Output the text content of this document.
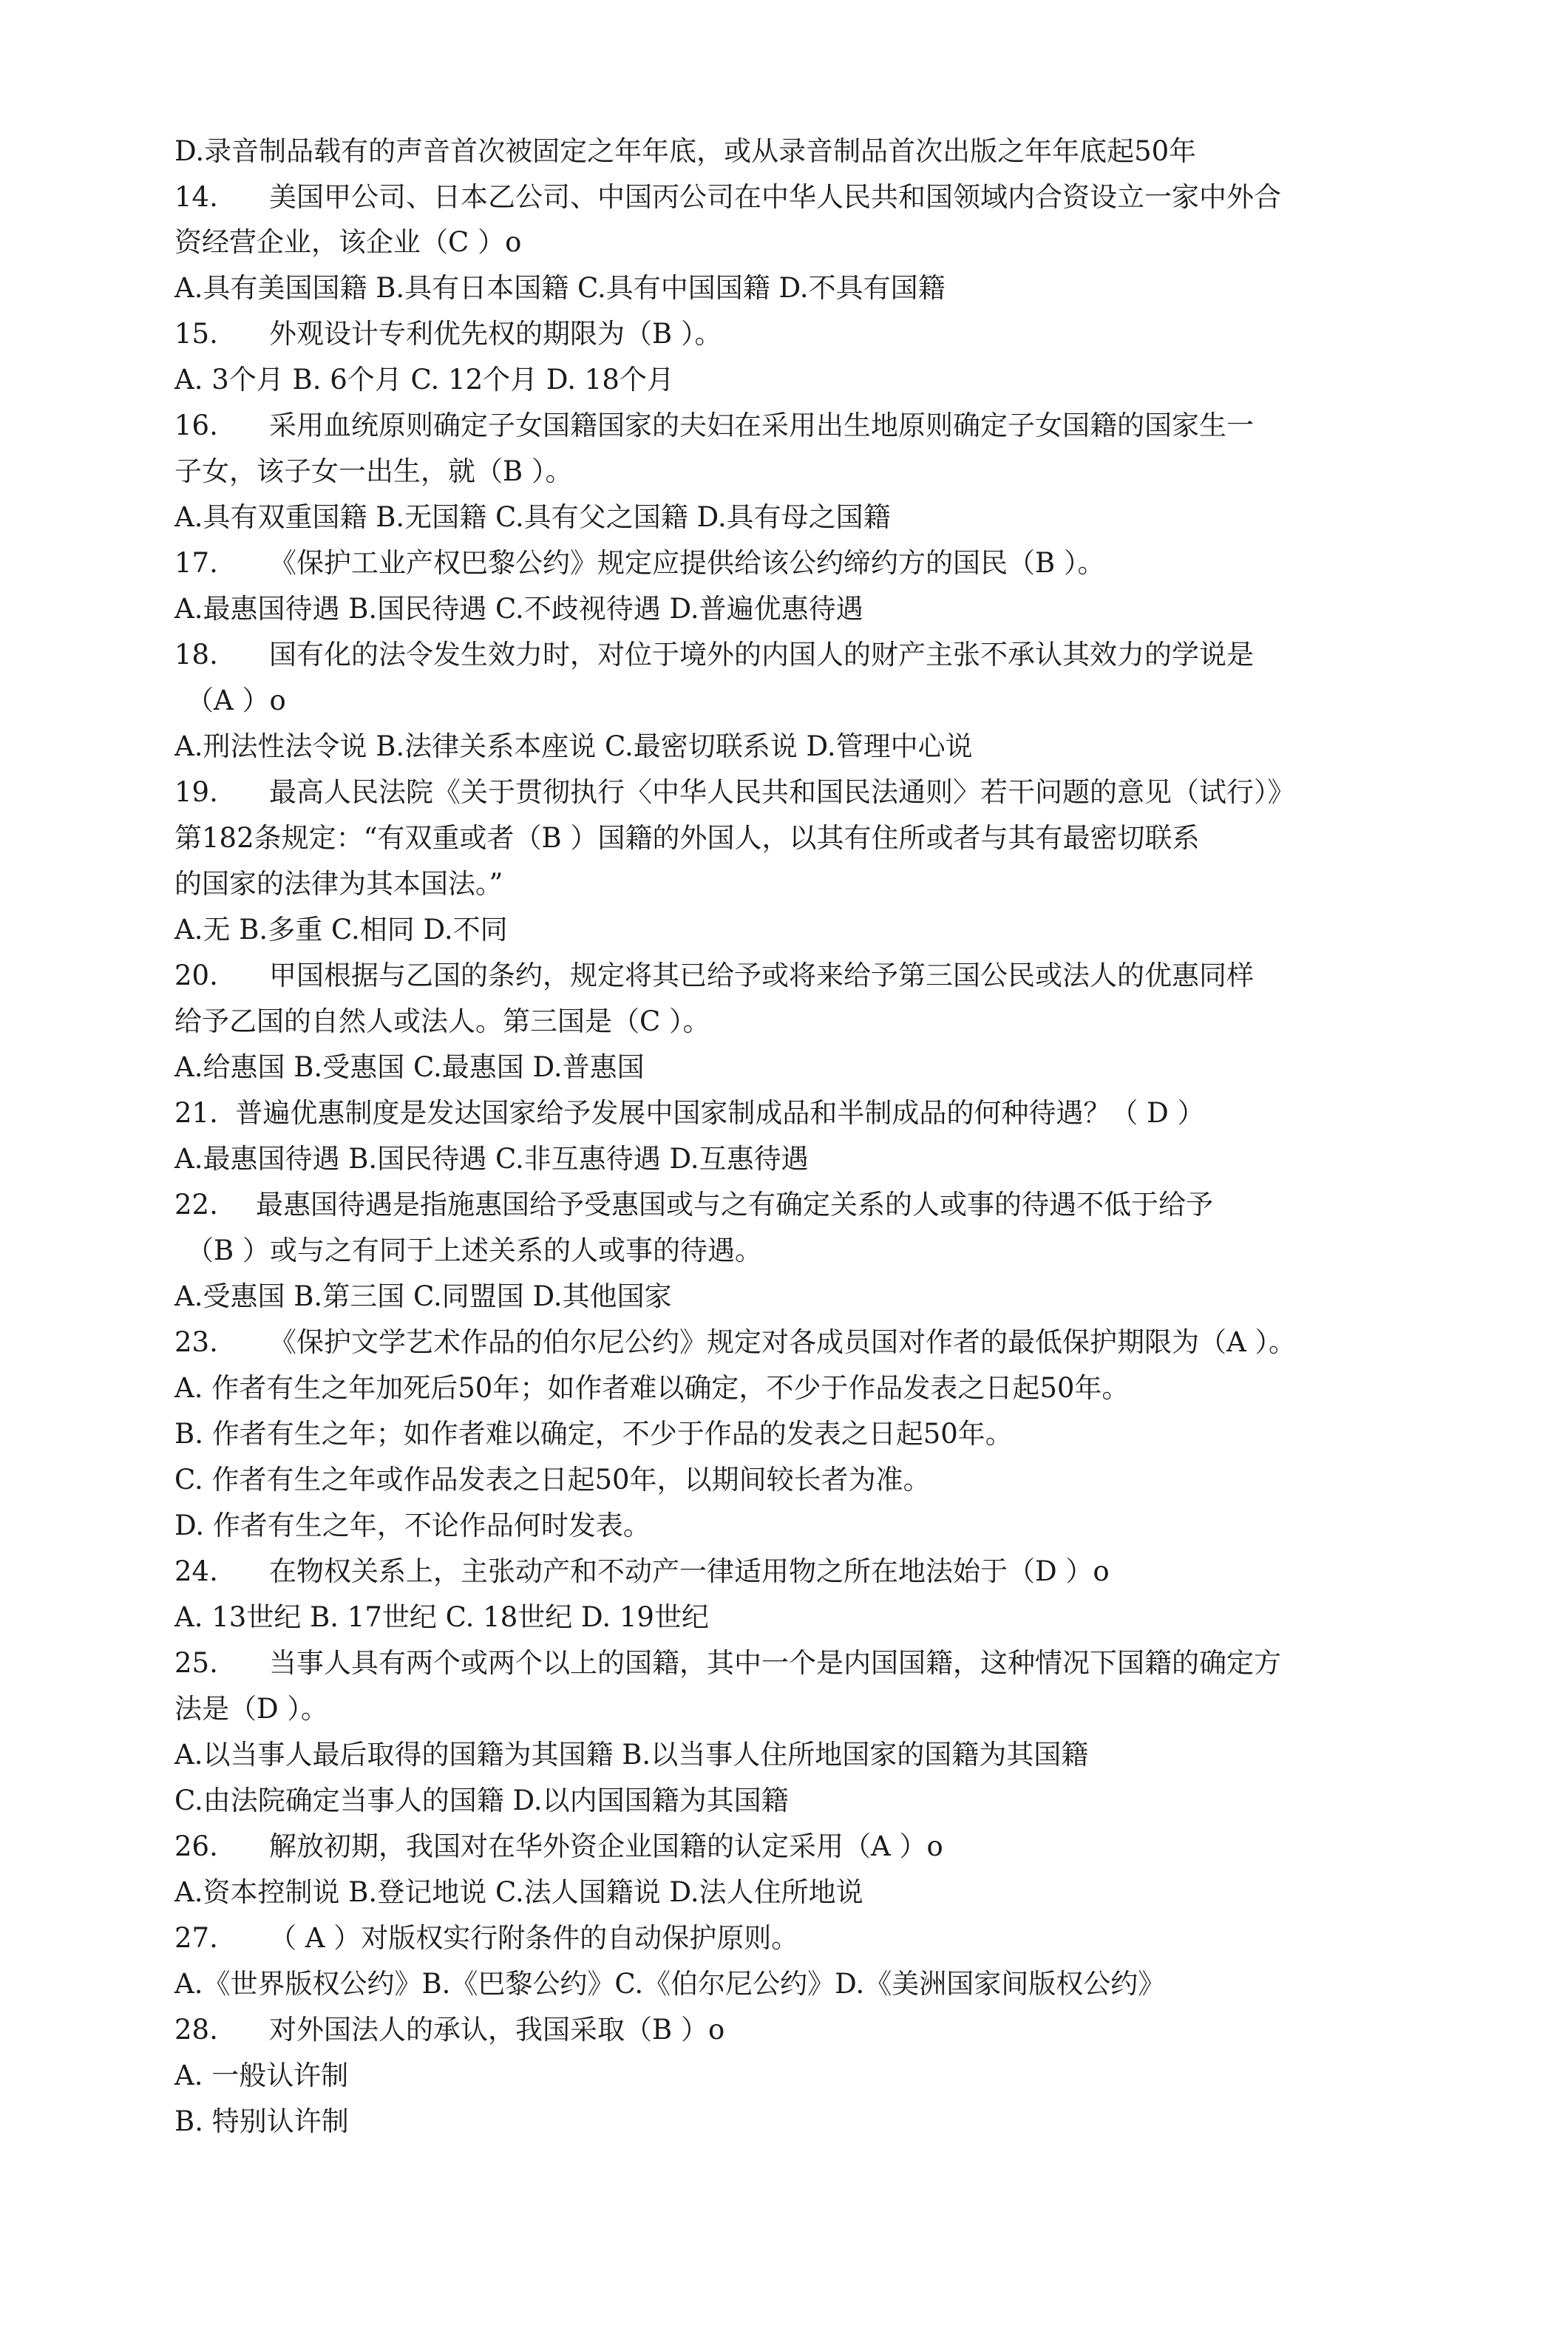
D.录音制品载有的声音首次被固定之年年底，或从录音制品首次出版之年年底起50年
14. 美国甲公司、日本乙公司、中国丙公司在中华人民共和国领域内合资设立一家中外合
资经营企业，该企业（C ）o
A.具有美国国籍 B.具有日本国籍 C.具有中国国籍 D.不具有国籍
15. 外观设计专利优先权的期限为（B ）。
A. 3个月 B. 6个月 C. 12个月 D. 18个月
16. 采用血统原则确定子女国籍国家的夫妇在采用出生地原则确定子女国籍的国家生一
子女，该子女一出生，就（B ）。
A.具有双重国籍 B.无国籍 C.具有父之国籍 D.具有母之国籍
17. 《保护工业产权巴黎公约》规定应提供给该公约缔约方的国民（B ）。
A.最惠国待遇 B.国民待遇 C.不歧视待遇 D.普遍优惠待遇
18. 国有化的法令发生效力时，对位于境外的内国人的财产主张不承认其效力的学说是
（A ）o
A.刑法性法令说 B.法律关系本座说 C.最密切联系说 D.管理中心说
19. 最高人民法院《关于贯彻执行〈中华人民共和国民法通则〉若干问题的意见（试行）》
第182条规定：“有双重或者（B ）国籍的外国人，以其有住所或者与其有最密切联系
的国家的法律为其本国法。”
A.无 B.多重 C.相同 D.不同
20. 甲国根据与乙国的条约，规定将其已给予或将来给予第三国公民或法人的优惠同样
给予乙国的自然人或法人。第三国是（C ）。
A.给惠国 B.受惠国 C.最惠国 D.普惠国
21. 普遍优惠制度是发达国家给予发展中国家制成品和半制成品的何种待遇？（ D ）
A.最惠国待遇 B.国民待遇 C.非互惠待遇 D.互惠待遇
22. 最惠国待遇是指施惠国给予受惠国或与之有确定关系的人或事的待遇不低于给予
（B ）或与之有同于上述关系的人或事的待遇。
A.受惠国 B.第三国 C.同盟国 D.其他国家
23. 《保护文学艺术作品的伯尔尼公约》规定对各成员国对作者的最低保护期限为（A ）。
A. 作者有生之年加死后50年；如作者难以确定，不少于作品发表之日起50年。
B. 作者有生之年；如作者难以确定，不少于作品的发表之日起50年。
C. 作者有生之年或作品发表之日起50年，以期间较长者为准。
D. 作者有生之年，不论作品何时发表。
24. 在物权关系上，主张动产和不动产一律适用物之所在地法始于（D ）o
A. 13世纪 B. 17世纪 C. 18世纪 D. 19世纪
25. 当事人具有两个或两个以上的国籍，其中一个是内国国籍，这种情况下国籍的确定方
法是（D ）。
A.以当事人最后取得的国籍为其国籍 B.以当事人住所地国家的国籍为其国籍
C.由法院确定当事人的国籍 D.以内国国籍为其国籍
26. 解放初期，我国对在华外资企业国籍的认定采用（A ）o
A.资本控制说 B.登记地说 C.法人国籍说 D.法人住所地说
27. （ A ）对版权实行附条件的自动保护原则。
A.《世界版权公约》B.《巴黎公约》C.《伯尔尼公约》D.《美洲国家间版权公约》
28. 对外国法人的承认，我国采取（B ）o
A. 一般认许制
B. 特别认许制
